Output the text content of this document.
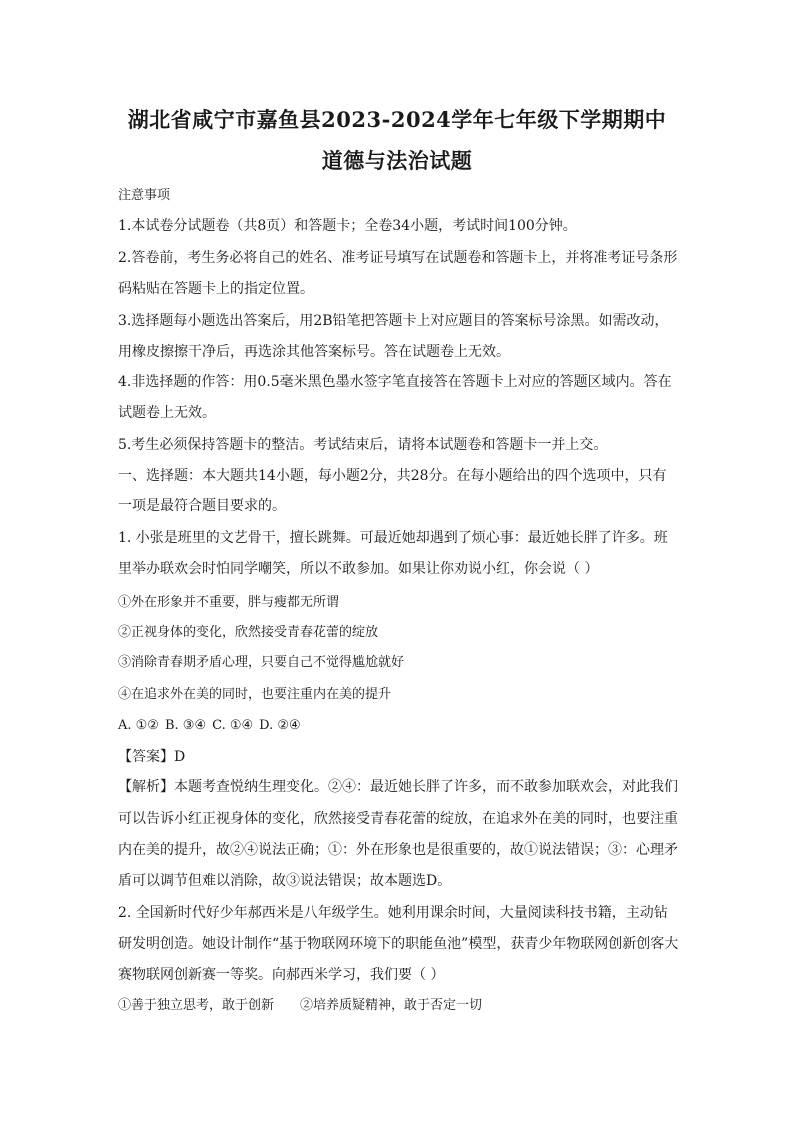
湖北省咸宁市嘉鱼县2023-2024学年七年级下学期期中
道德与法治试题
注意事项
1.本试卷分试题卷（共8页）和答题卡；全卷34小题，考试时间100分钟。
2.答卷前，考生务必将自己的姓名、准考证号填写在试题卷和答题卡上，并将准考证号条形
码粘贴在答题卡上的指定位置。
3.选择题每小题选出答案后，用2B铅笔把答题卡上对应题目的答案标号涂黑。如需改动，
用橡皮擦擦干净后，再选涂其他答案标号。答在试题卷上无效。
4.非选择题的作答：用0.5毫米黑色墨水签字笔直接答在答题卡上对应的答题区域内。答在
试题卷上无效。
5.考生必须保持答题卡的整洁。考试结束后，请将本试题卷和答题卡一并上交。
一、选择题：本大题共14小题，每小题2分，共28分。在每小题给出的四个选项中，只有
一项是最符合题目要求的。
1. 小张是班里的文艺骨干，擅长跳舞。可最近她却遇到了烦心事：最近她长胖了许多。班
里举办联欢会时怕同学嘲笑，所以不敢参加。如果让你劝说小红，你会说（ ）
①外在形象并不重要，胖与瘦都无所谓
②正视身体的变化，欣然接受青春花蕾的绽放
③消除青春期矛盾心理，只要自己不觉得尴尬就好
④在追求外在美的同时，也要注重内在美的提升
A. ①② B. ③④ C. ①④ D. ②④
【答案】D
【解析】本题考查悦纳生理变化。②④：最近她长胖了许多，而不敢参加联欢会，对此我们
可以告诉小红正视身体的变化，欣然接受青春花蕾的绽放，在追求外在美的同时，也要注重
内在美的提升，故②④说法正确；①：外在形象也是很重要的，故①说法错误；③：心理矛
盾可以调节但难以消除，故③说法错误；故本题选D。
2. 全国新时代好少年郝西米是八年级学生。她利用课余时间，大量阅读科技书籍，主动钻
研发明创造。她设计制作“基于物联网环境下的职能鱼池”模型，获青少年物联网创新创客大
赛物联网创新赛一等奖。向郝西米学习，我们要（ ）
①善于独立思考，敢于创新 ②培养质疑精神，敢于否定一切
